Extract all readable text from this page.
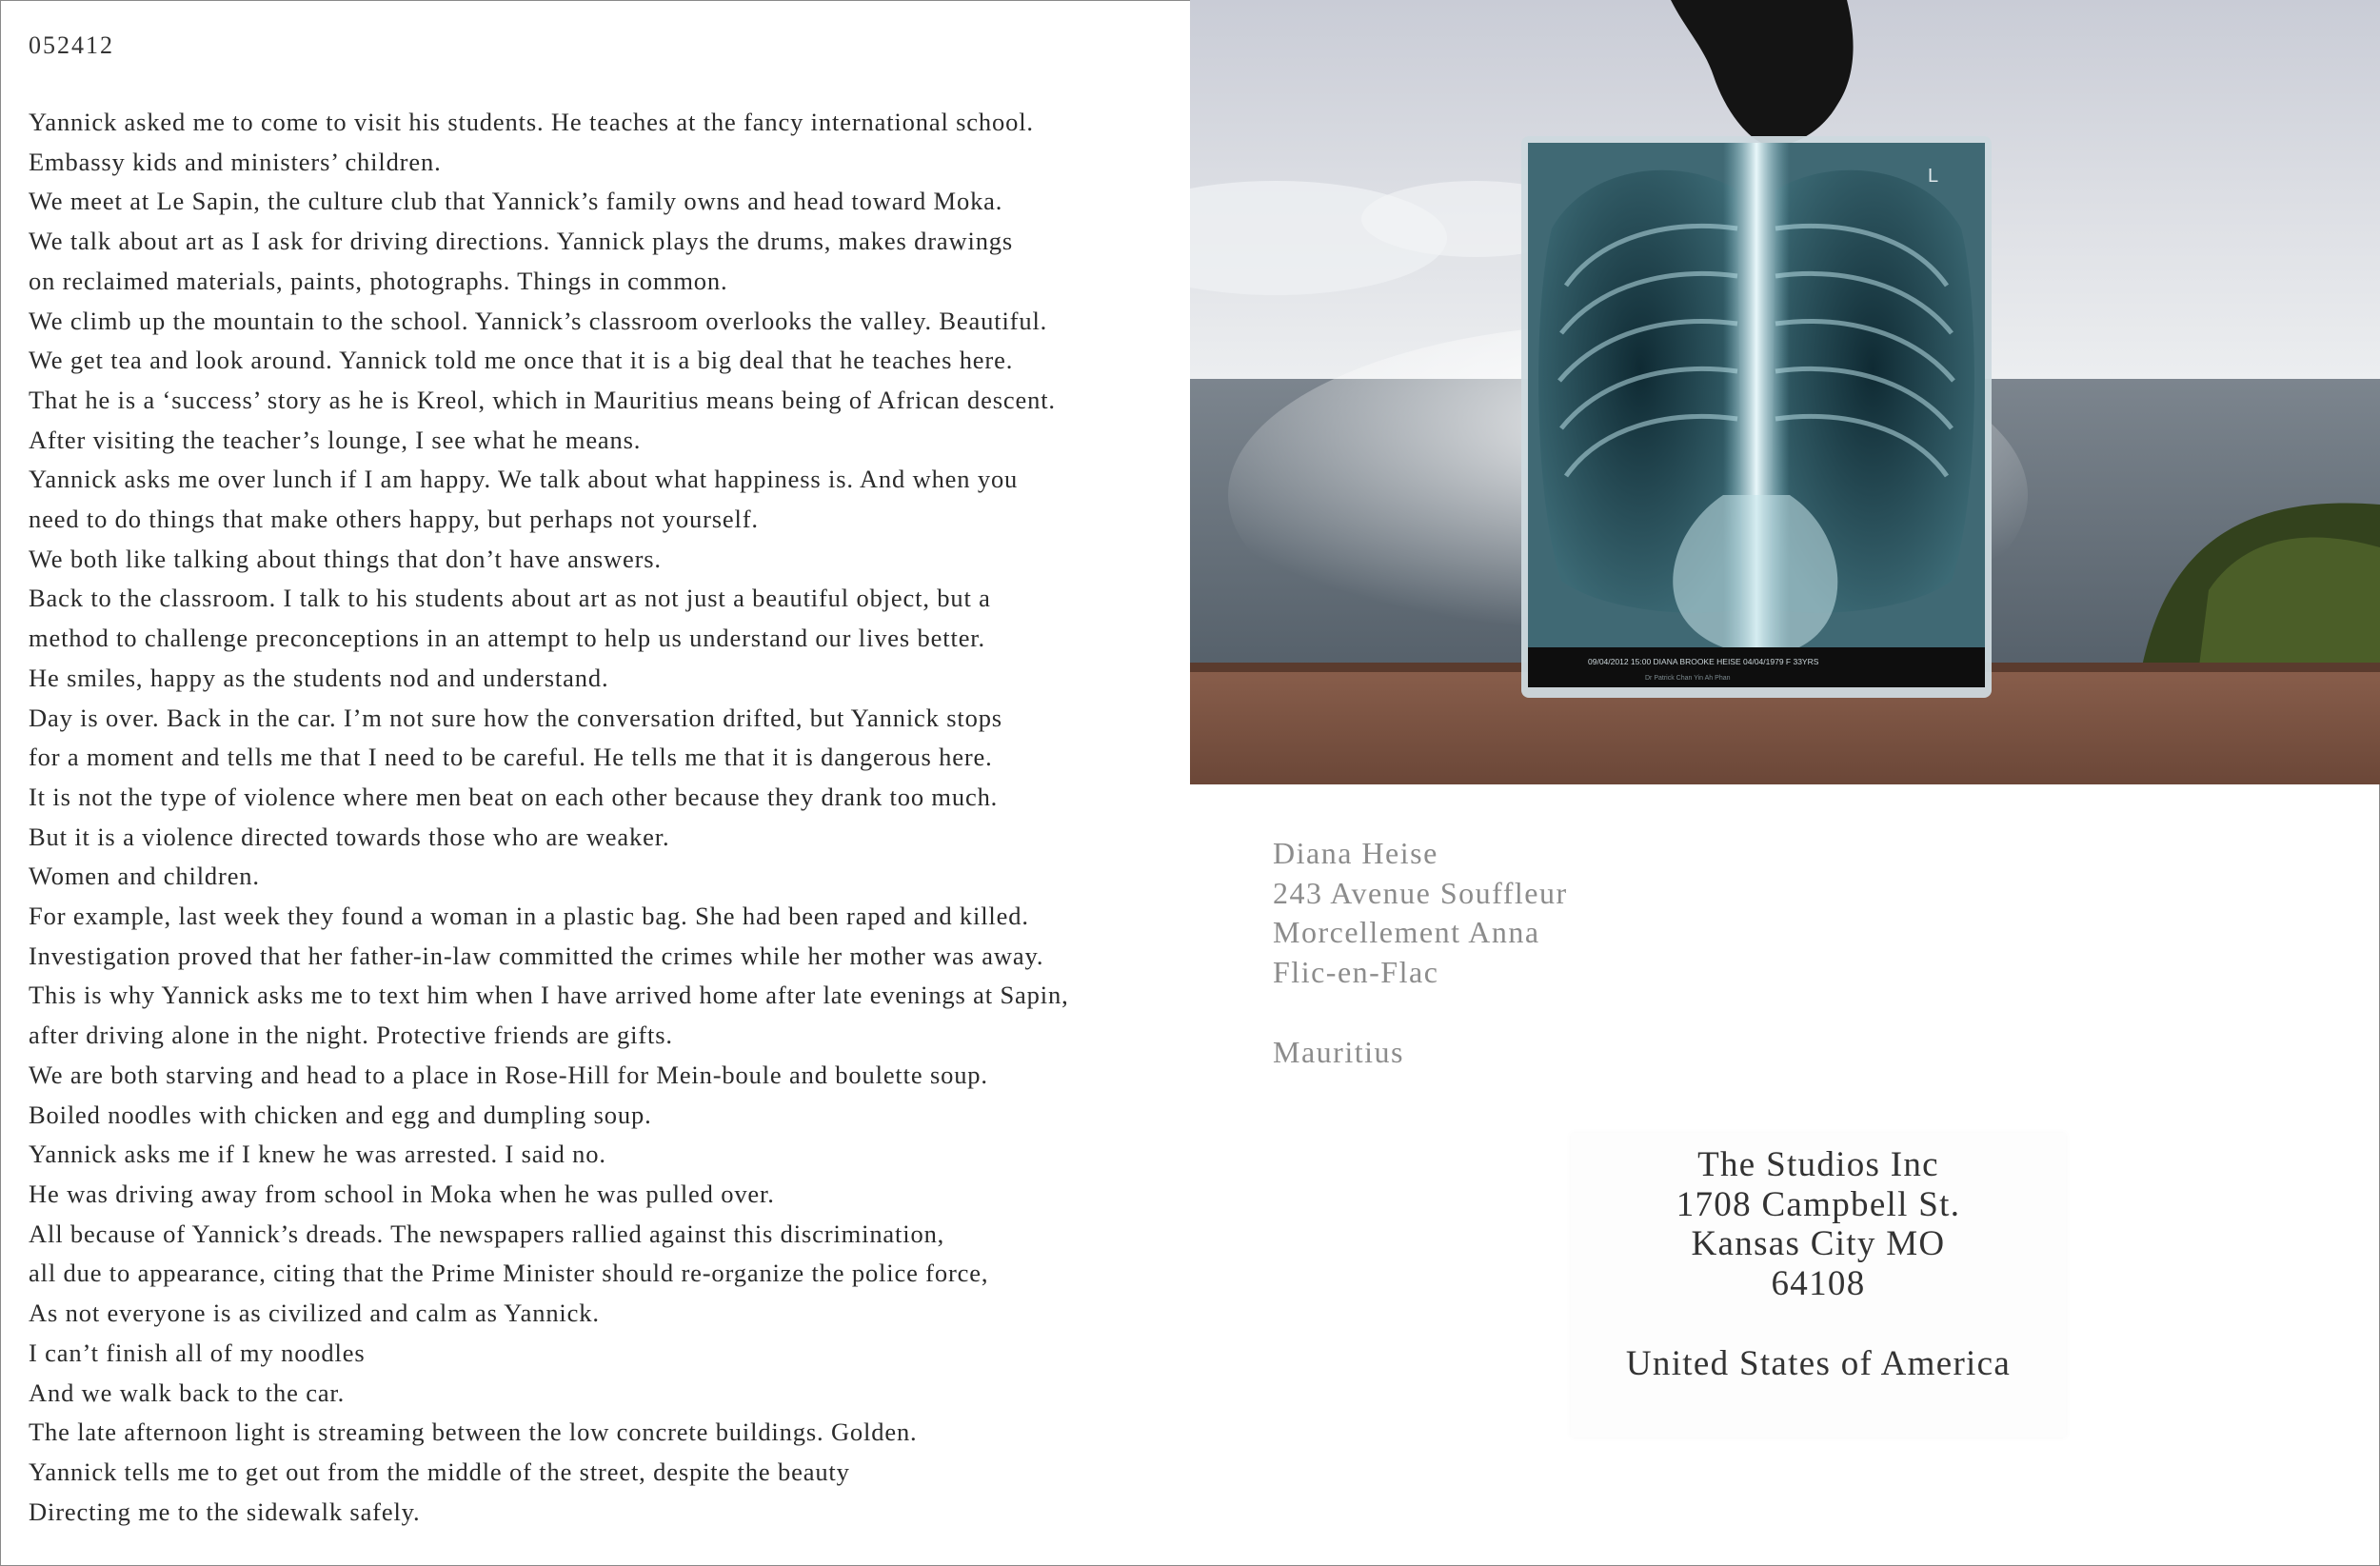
052412
Yannick asked me to come to visit his students. He teaches at the fancy international school.
Embassy kids and ministers’ children.
We meet at Le Sapin, the culture club that Yannick’s family owns and head toward Moka.
We talk about art as I ask for driving directions. Yannick plays the drums, makes drawings
on reclaimed materials, paints, photographs. Things in common.
We climb up the mountain to the school. Yannick’s classroom overlooks the valley. Beautiful.
We get tea and look around. Yannick told me once that it is a big deal that he teaches here.
That he is a ‘success’ story as he is Kreol, which in Mauritius means being of African descent.
After visiting the teacher’s lounge, I see what he means.
Yannick asks me over lunch if I am happy. We talk about what happiness is. And when you
need to do things that make others happy, but perhaps not yourself.
We both like talking about things that don’t have answers.
Back to the classroom. I talk to his students about art as not just a beautiful object, but a
method to challenge preconceptions in an attempt to help us understand our lives better.
He smiles, happy as the students nod and understand.
Day is over. Back in the car. I’m not sure how the conversation drifted, but Yannick stops
for a moment and tells me that I need to be careful. He tells me that it is dangerous here.
It is not the type of violence where men beat on each other because they drank too much.
But it is a violence directed towards those who are weaker.
Women and children.
For example, last week they found a woman in a plastic bag. She had been raped and killed.
Investigation proved that her father-in-law committed the crimes while her mother was away.
This is why Yannick asks me to text him when I have arrived home after late evenings at Sapin,
after driving alone in the night. Protective friends are gifts.
We are both starving and head to a place in Rose-Hill for Mein-boule and boulette soup.
Boiled noodles with chicken and egg and dumpling soup.
Yannick asks me if I knew he was arrested. I said no.
He was driving away from school in Moka when he was pulled over.
All because of Yannick’s dreads. The newspapers rallied against this discrimination,
all due to appearance, citing that the Prime Minister should re-organize the police force,
As not everyone is as civilized and calm as Yannick.
I can’t finish all of my noodles
And we walk back to the car.
The late afternoon light is streaming between the low concrete buildings. Golden.
Yannick tells me to get out from the middle of the street, despite the beauty
Directing me to the sidewalk safely.
L
09/04/2012 15:00 DIANA BROOKE HEISE 04/04/1979 F 33YRS
Dr Patrick Chan Yin Ah Phan
Diana Heise
243 Avenue Souffleur
Morcellement Anna
Flic-en-Flac
Mauritius
The Studios Inc
1708 Campbell St.
Kansas City MO
64108
United States of America
